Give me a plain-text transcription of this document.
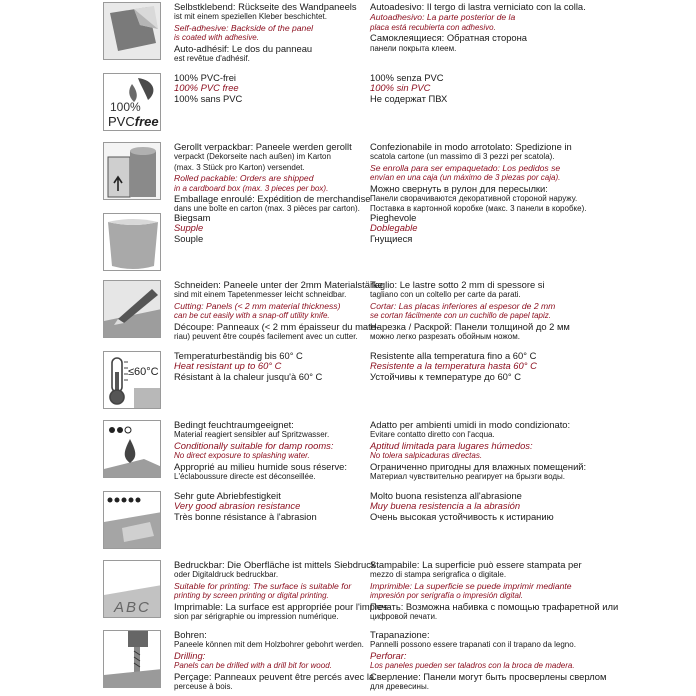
Selbstklebend: Rückseite des Wandpaneels

ist mit einem speziellen Kleber beschichtet.

Self-adhesive: Backside of the panel

is coated with adhesive.

Auto-adhésif: Le dos du panneau

est revêtue d'adhésif.

Autoadesivo: Il tergo di lastra verniciato con la colla.

Autoadhesivo: La parte posterior de la

placa está recubierta con adhesivo.

Самоклеящиеся: Обратная сторона

панели покрыта клеем.

100%
PVCfree

100% PVC-frei

100% PVC free

100% sans PVC

100% senza PVC

100% sin PVC

Не содержат ПВХ

Gerollt verpackbar: Paneele werden gerollt

verpackt (Dekorseite nach außen) im Karton

(max. 3 Stück pro Karton) versendet.

Rolled packable: Orders are shipped

in a cardboard box (max. 3 pieces per box).

Emballage enroulé: Expédition de merchandise

dans une boîte en carton (max. 3 pièces par carton).

Confezionabile in modo arrotolato: Spedizione in

scatola cartone (un massimo di 3 pezzi per scatola).

Se enrolla para ser empaquetado: Los pedidos se

envían en una caja (un máximo de 3 piezas por caja).

Можно свернуть в рулон для пересылки:

Панели сворачиваются декоративной стороной наружу.

Поставка в картонной коробке (макс. 3 панели в коробке).

Biegsam

Supple

Souple

Pieghevole

Doblegable

Гнущиеся

Schneiden: Paneele unter der 2mm Materialstärke

sind mit einem Tapetenmesser leicht schneidbar.

Cutting: Panels (< 2 mm material thickness)

can be cut easily with a snap-off utility knife.

Découpe: Panneaux (< 2 mm épaisseur du mate-

riau) peuvent être coupés facilement avec un cutter.

Taglio: Le lastre sotto 2 mm di spessore si

tagliano con un coltello per carte da parati.

Cortar: Las placas inferiores al espesor de 2 mm

se cortan fácilmente con un cuchillo de papel tapiz.

Нарезка / Раскрой: Панели толщиной до 2 мм

можно легко разрезать обойным ножом.

≤60°C

Temperaturbeständig bis 60° C

Heat resistant up to 60° C

Résistant à la chaleur jusqu'à 60° C

Resistente alla temperatura fino a 60° C

Resistente a la temperatura hasta 60° C

Устойчивы к температуре до 60° C

Bedingt feuchtraumgeeignet:

Material reagiert sensibler auf Spritzwasser.

Conditionally suitable for damp rooms:

No direct exposure to splashing water.

Approprié au milieu humide sous réserve:

L'éclaboussure directe est déconseillée.

Adatto per ambienti umidi in modo condizionato:

Evitare contatto diretto con l'acqua.

Aptitud limitada para lugares húmedos:

No tolera salpicaduras directas.

Ограниченно пригодны для влажных помещений:

Материал чувствительно реагирует на брызги воды.

Sehr gute Abriebfestigkeit

Very good abrasion resistance

Très bonne résistance à l'abrasion

Molto buona resistenza all'abrasione

Muy buena resistencia a la abrasión

Очень высокая устойчивость к истиранию

ABC

Bedruckbar: Die Oberfläche ist mittels Siebdruck

oder Digitaldruck bedruckbar.

Suitable for printing: The surface is suitable for

printing by screen printing or digital printing.

Imprimable: La surface est appropriée pour l'impres-

sion par sérigraphie ou impression numérique.

Stampabile: La superficie può essere stampata per

mezzo di stampa serigrafica o digitale.

Imprimible: La superficie se puede imprimir mediante

impresión por serigrafía o impresión digital.

Печать: Возможна набивка с помощью трафаретной или

цифровой печати.

Bohren:

Paneele können mit dem Holzbohrer gebohrt werden.

Drilling:

Panels can be drilled with a drill bit for wood.

Perçage: Panneaux peuvent être percés avec la

perceuse à bois.

Trapanazione:

Pannelli possono essere trapanati con il trapano da legno.

Perforar:

Los paneles pueden ser taladros con la broca de madera.

Сверление: Панели могут быть просверлены сверлом

для древесины.
